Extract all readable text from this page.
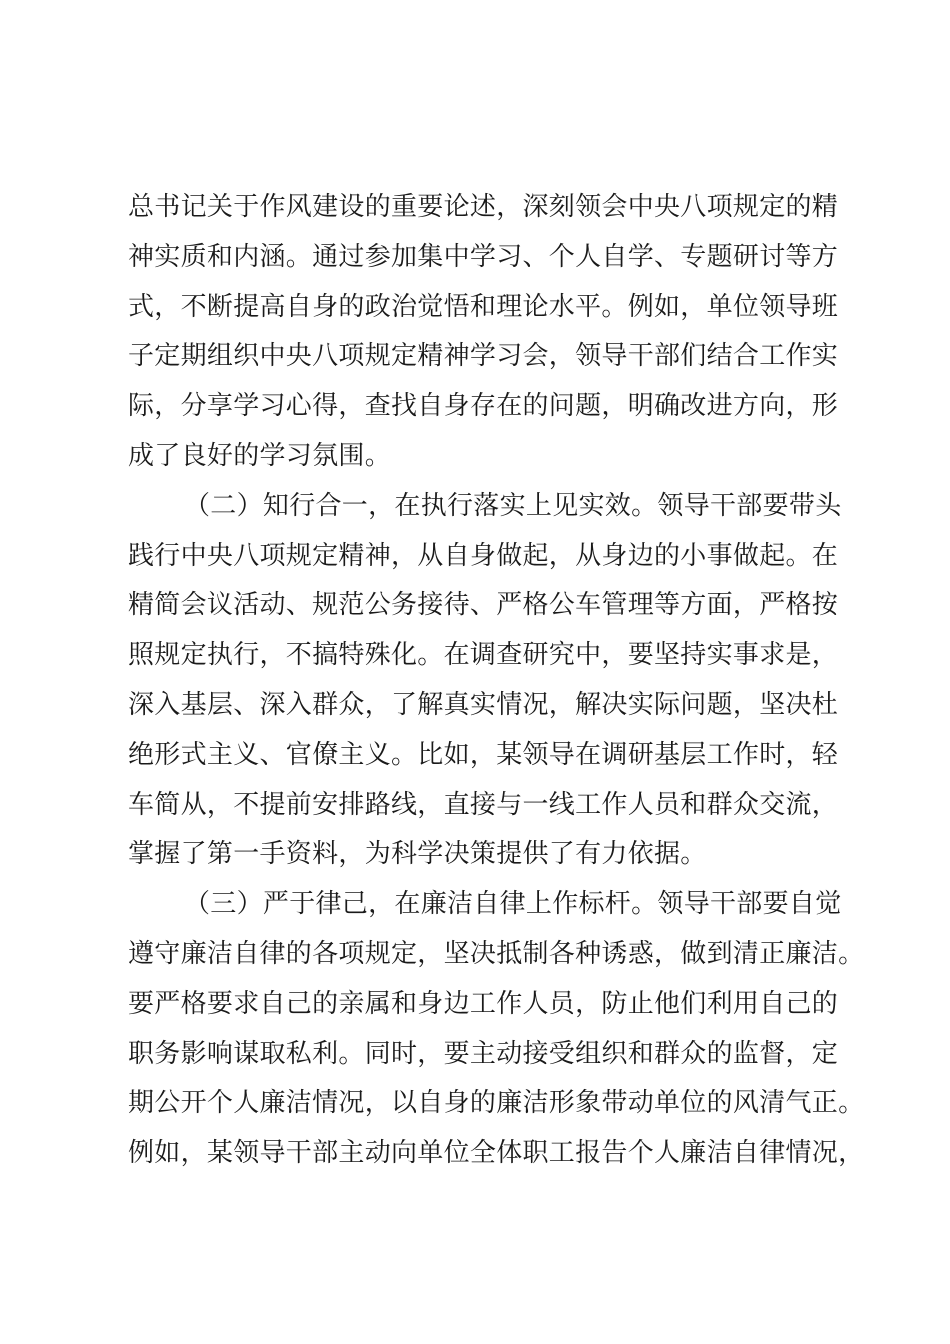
总书记关于作风建设的重要论述，深刻领会中央八项规定的精
神实质和内涵。通过参加集中学习、个人自学、专题研讨等方
式，不断提高自身的政治觉悟和理论水平。例如，单位领导班
子定期组织中央八项规定精神学习会，领导干部们结合工作实
际，分享学习心得，查找自身存在的问题，明确改进方向，形
成了良好的学习氛围。
（二）知行合一，在执行落实上见实效。领导干部要带头
践行中央八项规定精神，从自身做起，从身边的小事做起。在
精简会议活动、规范公务接待、严格公车管理等方面，严格按
照规定执行，不搞特殊化。在调查研究中，要坚持实事求是，
深入基层、深入群众，了解真实情况，解决实际问题，坚决杜
绝形式主义、官僚主义。比如，某领导在调研基层工作时，轻
车简从，不提前安排路线，直接与一线工作人员和群众交流，
掌握了第一手资料，为科学决策提供了有力依据。
（三）严于律己，在廉洁自律上作标杆。领导干部要自觉
遵守廉洁自律的各项规定，坚决抵制各种诱惑，做到清正廉洁。
要严格要求自己的亲属和身边工作人员，防止他们利用自己的
职务影响谋取私利。同时，要主动接受组织和群众的监督，定
期公开个人廉洁情况，以自身的廉洁形象带动单位的风清气正。
例如，某领导干部主动向单位全体职工报告个人廉洁自律情况，
